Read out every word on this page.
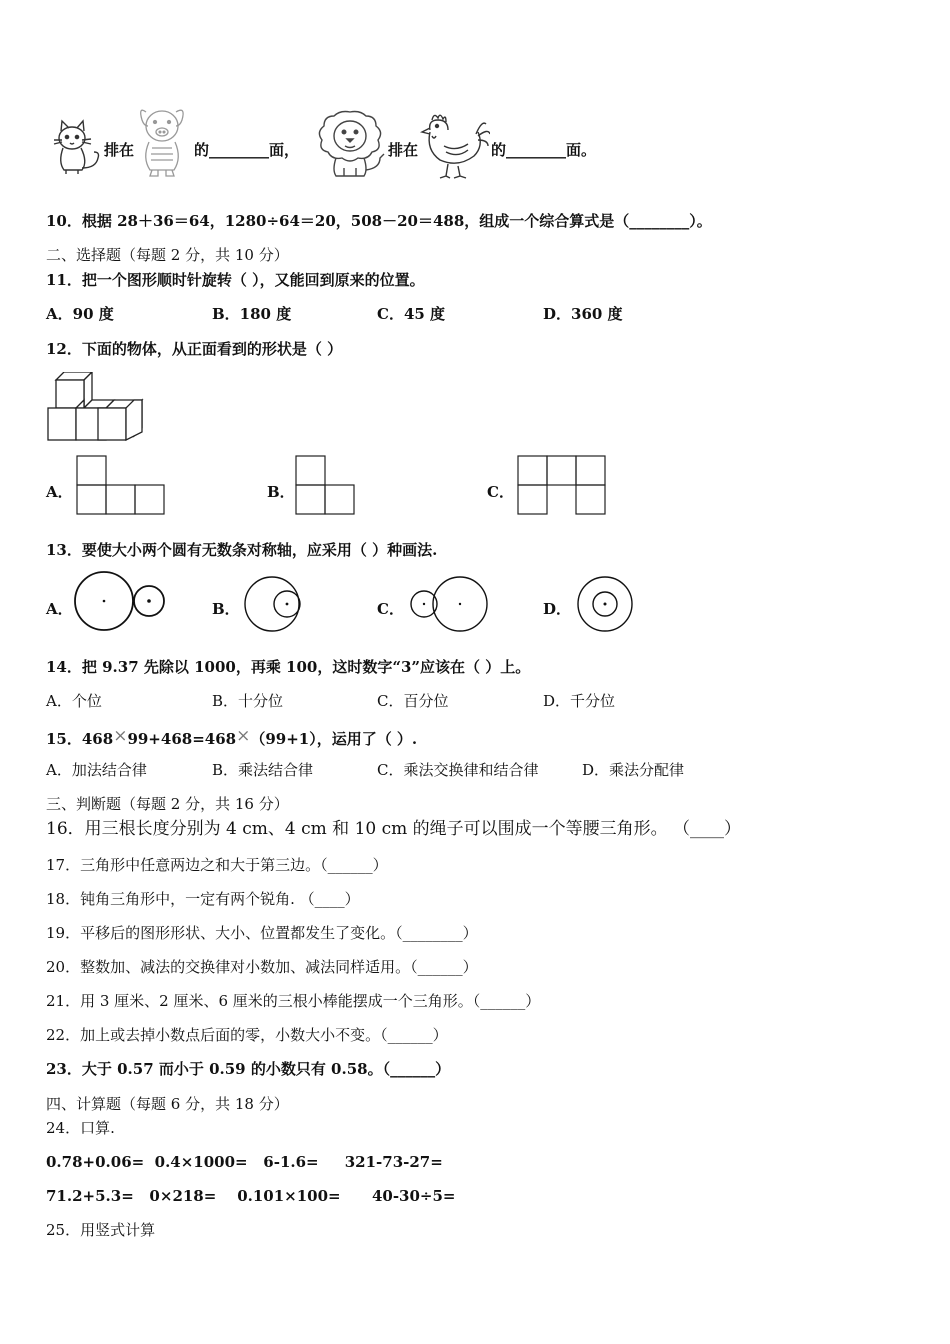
排在	的________面，	排在	的________面。
10．根据 28＋36＝64，1280÷64＝20，508－20＝488，组成一个综合算式是（________）。
二、选择题（每题 2 分，共 10 分）
11．把一个图形顺时针旋转（ ），又能回到原来的位置。
A．90 度	B．180 度	C．45 度	D．360 度
12．下面的物体，从正面看到的形状是（ ）
A．	B．	C．
13．要使大小两个圆有无数条对称轴，应采用（ ）种画法.
A．	B．	C．	D．
14．把 9.37 先除以 1000，再乘 100，这时数字“3”应该在（ ）上。
A．个位	B．十分位	C．百分位	D．千分位
15．468×99+468=468×（99+1），运用了（ ）.
A．加法结合律	B．乘法结合律	C．乘法交换律和结合律	D．乘法分配律
三、判断题（每题 2 分，共 16 分）
16．用三根长度分别为 4 cm、4 cm 和 10 cm 的绳子可以围成一个等腰三角形。 （____）
17．三角形中任意两边之和大于第三边。（______）
18．钝角三角形中，一定有两个锐角. （____）
19．平移后的图形形状、大小、位置都发生了变化。（________）
20．整数加、减法的交换律对小数加、减法同样适用。（______）
21．用 3 厘米、2 厘米、6 厘米的三根小棒能摆成一个三角形。（______）
22．加上或去掉小数点后面的零，小数大小不变。（______）
23．大于 0.57 而小于 0.59 的小数只有 0.58。（______）
四、计算题（每题 6 分，共 18 分）
24．口算.
0.78+0.06=  0.4×1000=   6-1.6=     321-73-27=
71.2+5.3=   0×218=    0.101×100=      40-30÷5=
25．用竖式计算
